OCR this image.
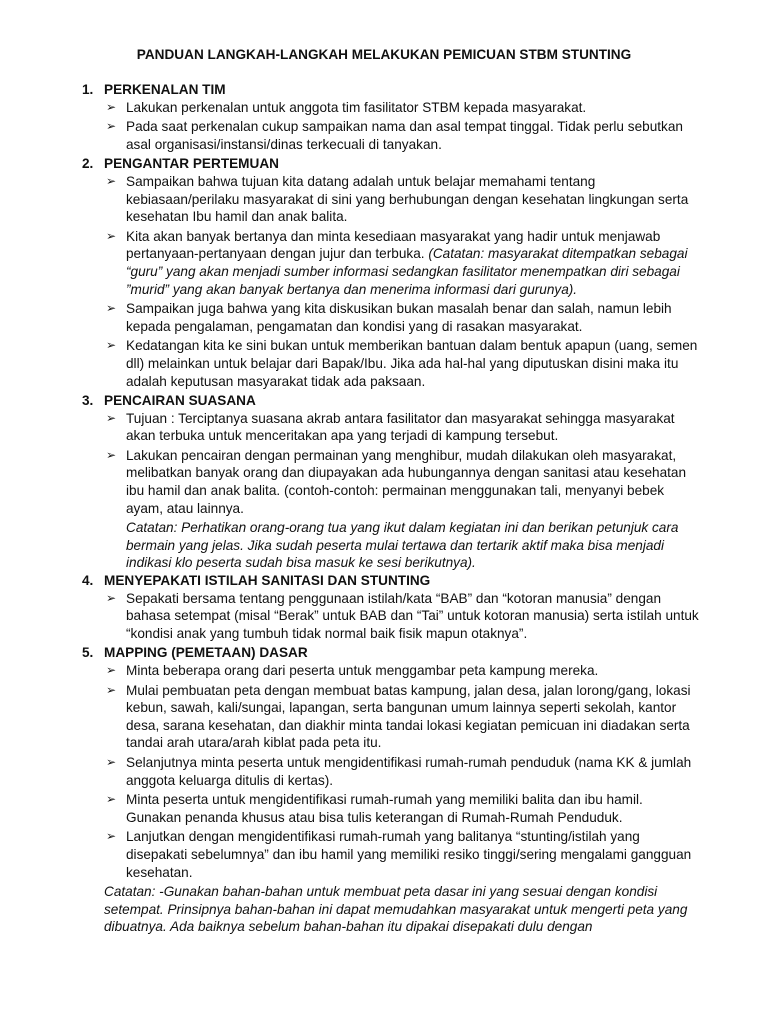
PANDUAN LANGKAH-LANGKAH MELAKUKAN PEMICUAN STBM STUNTING
1. PERKENALAN TIM
➢ Lakukan perkenalan untuk anggota tim fasilitator STBM kepada masyarakat.
➢ Pada saat perkenalan cukup sampaikan nama dan asal tempat tinggal. Tidak perlu sebutkan asal organisasi/instansi/dinas terkecuali di tanyakan.
2. PENGANTAR PERTEMUAN
➢ Sampaikan bahwa tujuan kita datang adalah untuk belajar memahami tentang kebiasaan/perilaku masyarakat di sini yang berhubungan dengan kesehatan lingkungan serta kesehatan Ibu hamil dan anak balita.
➢ Kita akan banyak bertanya dan minta kesediaan masyarakat yang hadir untuk menjawab pertanyaan-pertanyaan dengan jujur dan terbuka. (Catatan: masyarakat ditempatkan sebagai “guru” yang akan menjadi sumber informasi sedangkan fasilitator menempatkan diri sebagai ”murid” yang akan banyak bertanya dan menerima informasi dari gurunya).
➢ Sampaikan juga bahwa yang kita diskusikan bukan masalah benar dan salah, namun lebih kepada pengalaman, pengamatan dan kondisi yang di rasakan masyarakat.
➢ Kedatangan kita ke sini bukan untuk memberikan bantuan dalam bentuk apapun (uang, semen dll) melainkan untuk belajar dari Bapak/Ibu. Jika ada hal-hal yang diputuskan disini maka itu adalah keputusan masyarakat tidak ada paksaan.
3. PENCAIRAN SUASANA
➢ Tujuan : Terciptanya suasana akrab antara fasilitator dan masyarakat sehingga masyarakat akan terbuka untuk menceritakan apa yang terjadi di kampung tersebut.
➢ Lakukan pencairan dengan permainan yang menghibur, mudah dilakukan oleh masyarakat, melibatkan banyak orang dan diupayakan ada hubungannya dengan sanitasi atau kesehatan ibu hamil dan anak balita. (contoh-contoh: permainan menggunakan tali, menyanyi bebek ayam, atau lainnya.

Catatan: Perhatikan orang-orang tua yang ikut dalam kegiatan ini dan berikan petunjuk cara bermain yang jelas. Jika sudah peserta mulai tertawa dan tertarik aktif maka bisa menjadi indikasi klo peserta sudah bisa masuk ke sesi berikutnya).

4. MENYEPAKATI ISTILAH SANITASI DAN STUNTING
➢ Sepakati bersama tentang penggunaan istilah/kata “BAB” dan “kotoran manusia” dengan bahasa setempat (misal “Berak” untuk BAB dan “Tai” untuk kotoran manusia) serta istilah untuk “kondisi anak yang tumbuh tidak normal baik fisik mapun otaknya”.
5. MAPPING (PEMETAAN) DASAR
➢ Minta beberapa orang dari peserta untuk menggambar peta kampung mereka.
➢ Mulai pembuatan peta dengan membuat batas kampung, jalan desa, jalan lorong/gang, lokasi kebun, sawah, kali/sungai, lapangan, serta bangunan umum lainnya seperti sekolah, kantor desa, sarana kesehatan, dan diakhir minta tandai lokasi kegiatan pemicuan ini diadakan serta tandai arah utara/arah kiblat pada peta itu.
➢ Selanjutnya minta peserta untuk mengidentifikasi rumah-rumah penduduk (nama KK & jumlah anggota keluarga ditulis di kertas).
➢ Minta peserta untuk mengidentifikasi rumah-rumah yang memiliki balita dan ibu hamil. Gunakan penanda khusus atau bisa tulis keterangan di Rumah-Rumah Penduduk.
➢ Lanjutkan dengan mengidentifikasi rumah-rumah yang balitanya “stunting/istilah yang disepakati sebelumnya” dan ibu hamil yang memiliki resiko tinggi/sering mengalami gangguan kesehatan.

Catatan: -Gunakan bahan-bahan untuk membuat peta dasar ini yang sesuai dengan kondisi setempat. Prinsipnya bahan-bahan ini dapat memudahkan masyarakat untuk mengerti peta yang dibuatnya. Ada baiknya sebelum bahan-bahan itu dipakai disepakati dulu dengan
